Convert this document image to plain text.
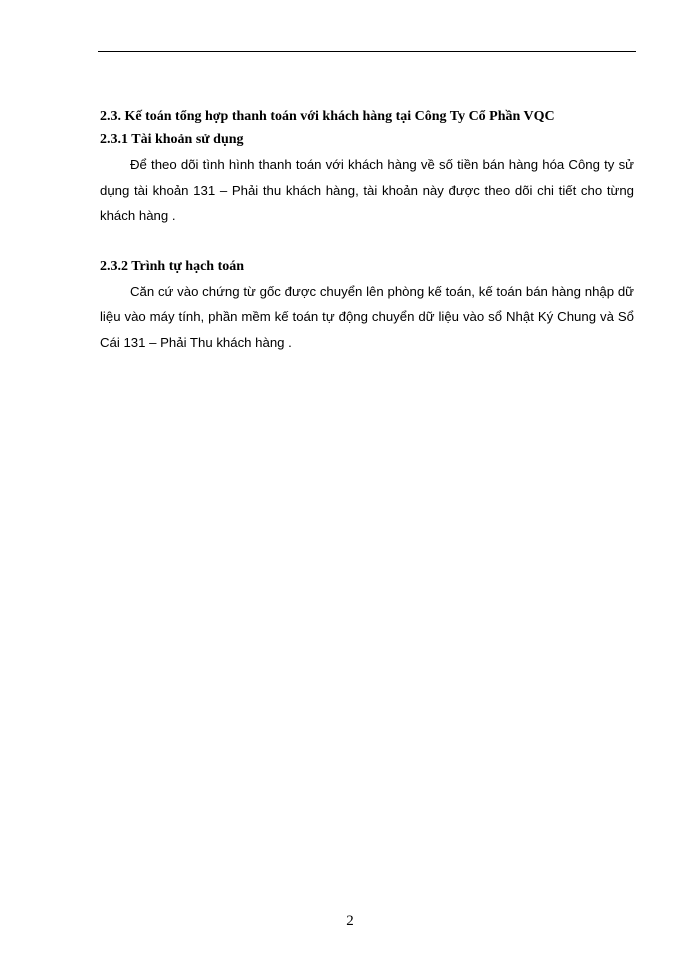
2.3. Kế toán tổng hợp thanh toán với khách hàng tại Công Ty Cổ Phần VQC
2.3.1 Tài khoản sử dụng

Để theo dõi tình hình thanh toán với khách hàng về số tiền bán hàng hóa Công ty sử dụng tài khoản 131 – Phải thu khách hàng, tài khoản này được theo dõi chi tiết cho từng khách hàng .

2.3.2 Trình tự hạch toán

Căn cứ vào chứng từ gốc được chuyển lên phòng kế toán, kế toán bán hàng nhập dữ liệu vào máy tính, phần mềm kế toán tự động chuyển dữ liệu vào sổ Nhật Ký Chung và Sổ Cái 131 – Phải Thu khách hàng .

2
